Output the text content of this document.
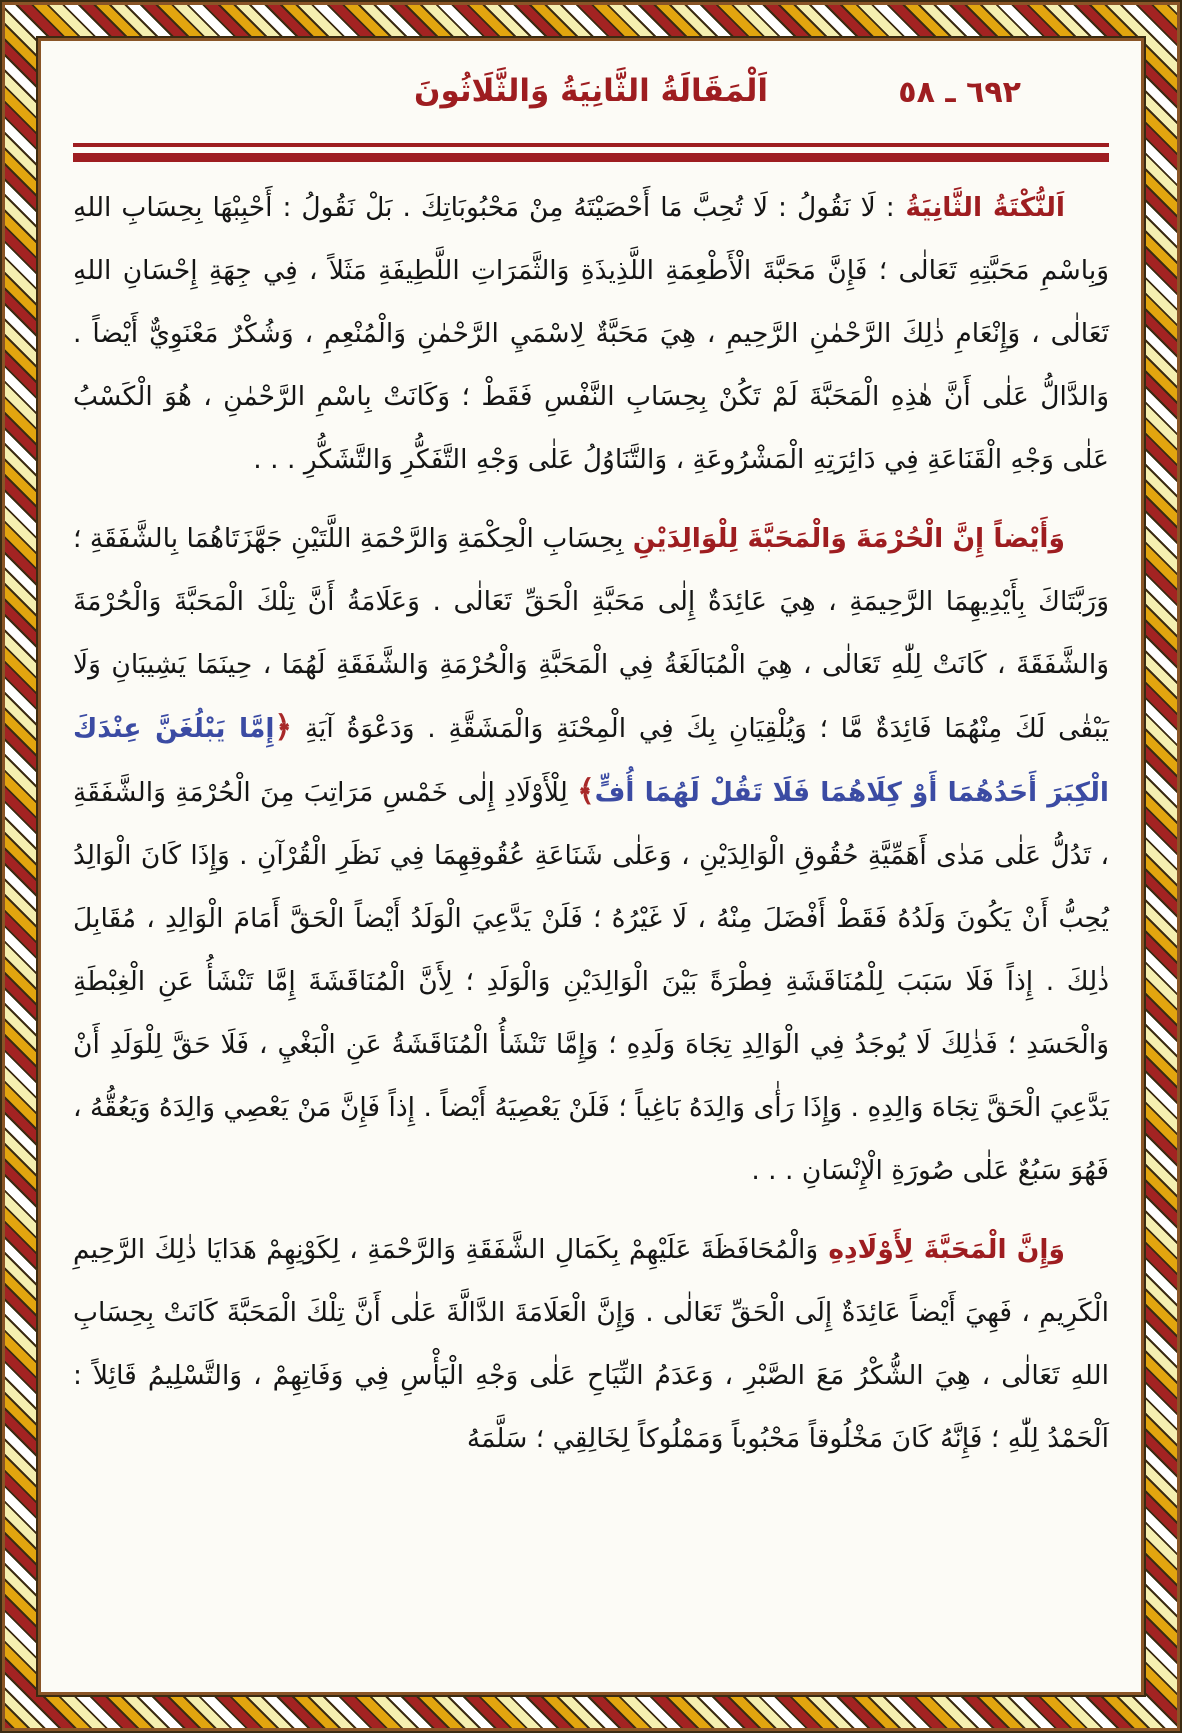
٦٩٢ ـ ٥٨
اَلْمَقَالَةُ الثَّانِيَةُ وَالثَّلَاثُونَ

اَلنُّكْتَةُ الثَّانِيَةُ : لَا نَقُولُ : لَا تُحِبَّ مَا أَحْصَيْتَهُ مِنْ مَحْبُوبَاتِكَ . بَلْ نَقُولُ : أَحْبِبْهَا بِحِسَابِ اللهِ وَبِاسْمِ مَحَبَّتِهِ تَعَالٰى ؛ فَإِنَّ مَحَبَّةَ الْأَطْعِمَةِ اللَّذِيذَةِ وَالثَّمَرَاتِ اللَّطِيفَةِ مَثَلاً ، فِي جِهَةِ إِحْسَانِ اللهِ تَعَالٰى ، وَإِنْعَامِ ذٰلِكَ الرَّحْمٰنِ الرَّحِيمِ ، هِيَ مَحَبَّةٌ لِاسْمَيِ الرَّحْمٰنِ وَالْمُنْعِمِ ، وَشُكْرٌ مَعْنَوِيٌّ أَيْضاً . وَالدَّالُّ عَلٰى أَنَّ هٰذِهِ الْمَحَبَّةَ لَمْ تَكُنْ بِحِسَابِ النَّفْسِ فَقَطْ ؛ وَكَانَتْ بِاسْمِ الرَّحْمٰنِ ، هُوَ الْكَسْبُ عَلٰى وَجْهِ الْقَنَاعَةِ فِي دَائِرَتِهِ الْمَشْرُوعَةِ ، وَالتَّنَاوُلُ عَلٰى وَجْهِ التَّفَكُّرِ وَالتَّشَكُّرِ . . .

وَأَيْضاً إِنَّ الْحُرْمَةَ وَالْمَحَبَّةَ لِلْوَالِدَيْنِ بِحِسَابِ الْحِكْمَةِ وَالرَّحْمَةِ اللَّتَيْنِ جَهَّزَتَاهُمَا بِالشَّفَقَةِ ؛ وَرَبَّتَاكَ بِأَيْدِيهِمَا الرَّحِيمَةِ ، هِيَ عَائِدَةٌ إِلٰى مَحَبَّةِ الْحَقِّ تَعَالٰى . وَعَلَامَةُ أَنَّ تِلْكَ الْمَحَبَّةَ وَالْحُرْمَةَ وَالشَّفَقَةَ ، كَانَتْ لِلّٰهِ تَعَالٰى ، هِيَ الْمُبَالَغَةُ فِي الْمَحَبَّةِ وَالْحُرْمَةِ وَالشَّفَقَةِ لَهُمَا ، حِينَمَا يَشِيبَانِ وَلَا يَبْقٰى لَكَ مِنْهُمَا فَائِدَةٌ مَّا ؛ وَيُلْقِيَانِ بِكَ فِي الْمِحْنَةِ وَالْمَشَقَّةِ . وَدَعْوَةُ آيَةِ ﴿إِمَّا يَبْلُغَنَّ عِنْدَكَ الْكِبَرَ أَحَدُهُمَا أَوْ كِلَاهُمَا فَلَا تَقُلْ لَهُمَا أُفٍّ﴾ لِلْأَوْلَادِ إِلٰى خَمْسِ مَرَاتِبَ مِنَ الْحُرْمَةِ وَالشَّفَقَةِ ، تَدُلُّ عَلٰى مَدٰى أَهَمِّيَّةِ حُقُوقِ الْوَالِدَيْنِ ، وَعَلٰى شَنَاعَةِ عُقُوقِهِمَا فِي نَظَرِ الْقُرْآنِ . وَإِذَا كَانَ الْوَالِدُ يُحِبُّ أَنْ يَكُونَ وَلَدُهُ فَقَطْ أَفْضَلَ مِنْهُ ، لَا غَيْرُهُ ؛ فَلَنْ يَدَّعِيَ الْوَلَدُ أَيْضاً الْحَقَّ أَمَامَ الْوَالِدِ ، مُقَابِلَ ذٰلِكَ . إِذاً فَلَا سَبَبَ لِلْمُنَاقَشَةِ فِطْرَةً بَيْنَ الْوَالِدَيْنِ وَالْوَلَدِ ؛ لِأَنَّ الْمُنَاقَشَةَ إِمَّا تَنْشَأُ عَنِ الْغِبْطَةِ وَالْحَسَدِ ؛ فَذٰلِكَ لَا يُوجَدُ فِي الْوَالِدِ تِجَاهَ وَلَدِهِ ؛ وَإِمَّا تَنْشَأُ الْمُنَاقَشَةُ عَنِ الْبَغْيِ ، فَلَا حَقَّ لِلْوَلَدِ أَنْ يَدَّعِيَ الْحَقَّ تِجَاهَ وَالِدِهِ . وَإِذَا رَأٰى وَالِدَهُ بَاغِياً ؛ فَلَنْ يَعْصِيَهُ أَيْضاً . إِذاً فَإِنَّ مَنْ يَعْصِي وَالِدَهُ وَيَعُقُّهُ ، فَهُوَ سَبُعٌ عَلٰى صُورَةِ الْإِنْسَانِ . . .

وَإِنَّ الْمَحَبَّةَ لِأَوْلَادِهِ وَالْمُحَافَظَةَ عَلَيْهِمْ بِكَمَالِ الشَّفَقَةِ وَالرَّحْمَةِ ، لِكَوْنِهِمْ هَدَايَا ذٰلِكَ الرَّحِيمِ الْكَرِيمِ ، فَهِيَ أَيْضاً عَائِدَةٌ إِلَى الْحَقِّ تَعَالٰى . وَإِنَّ الْعَلَامَةَ الدَّالَّةَ عَلٰى أَنَّ تِلْكَ الْمَحَبَّةَ كَانَتْ بِحِسَابِ اللهِ تَعَالٰى ، هِيَ الشُّكْرُ مَعَ الصَّبْرِ ، وَعَدَمُ النِّيَاحِ عَلٰى وَجْهِ الْيَأْسِ فِي وَفَاتِهِمْ ، وَالتَّسْلِيمُ قَائِلاً : اَلْحَمْدُ لِلّٰهِ ؛ فَإِنَّهُ كَانَ مَخْلُوقاً مَحْبُوباً وَمَمْلُوكاً لِخَالِقِي ؛ سَلَّمَهُ
